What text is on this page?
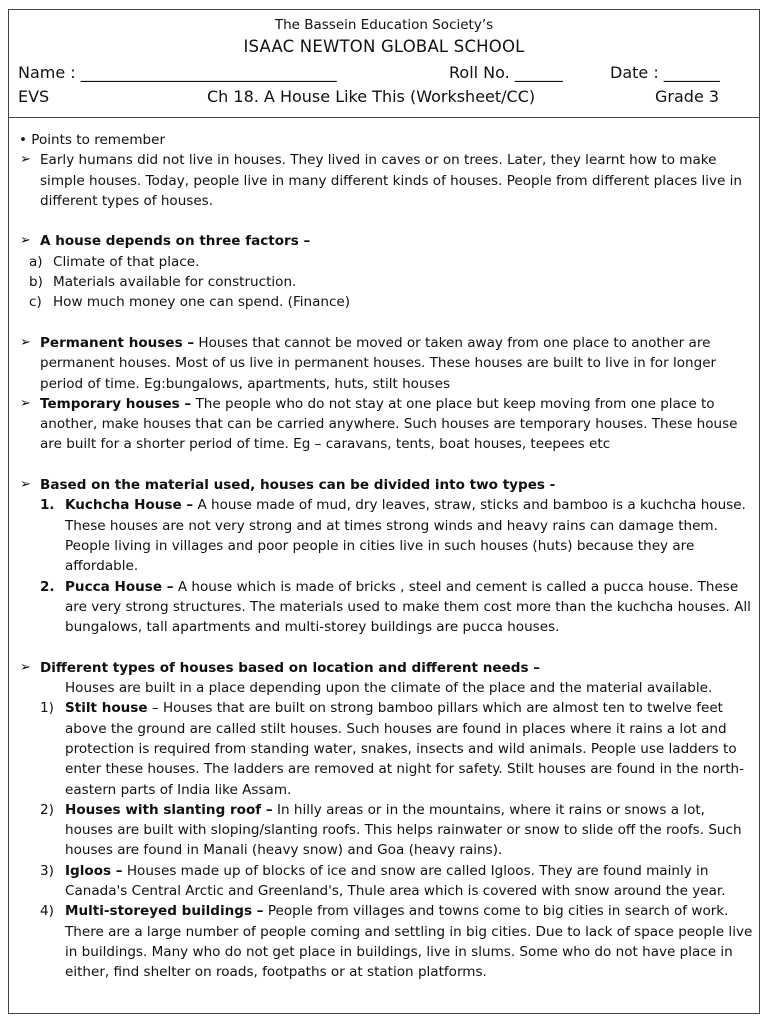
The Bassein Education Society’s
ISAAC NEWTON GLOBAL SCHOOL
Name : ________________________________	Roll No. ______	Date : _______
EVS	Ch 18. A House Like This (Worksheet/CC)	Grade 3
• Points to remember
➢ Early humans did not live in houses. They lived in caves or on trees. Later, they learnt how to make simple houses. Today, people live in many different kinds of houses. People from different places live in different types of houses.
➢ A house depends on three factors –
a) Climate of that place.
b) Materials available for construction.
c) How much money one can spend. (Finance)
➢ Permanent houses – Houses that cannot be moved or taken away from one place to another are permanent houses. Most of us live in permanent houses. These houses are built to live in for longer period of time. Eg:bungalows, apartments, huts, stilt houses
➢ Temporary houses – The people who do not stay at one place but keep moving from one place to another, make houses that can be carried anywhere. Such houses are temporary houses. These house are built for a shorter period of time. Eg – caravans, tents, boat houses, teepees etc
➢ Based on the material used, houses can be divided into two types -
1. Kuchcha House – A house made of mud, dry leaves, straw, sticks and bamboo is a kuchcha house. These houses are not very strong and at times strong winds and heavy rains can damage them. People living in villages and poor people in cities live in such houses (huts) because they are affordable.
2. Pucca House – A house which is made of bricks , steel and cement is called a pucca house. These are very strong structures. The materials used to make them cost more than the kuchcha houses. All bungalows, tall apartments and multi-storey buildings are pucca houses.
➢ Different types of houses based on location and different needs –
Houses are built in a place depending upon the climate of the place and the material available.
1) Stilt house – Houses that are built on strong bamboo pillars which are almost ten to twelve feet above the ground are called stilt houses. Such houses are found in places where it rains a lot and protection is required from standing water, snakes, insects and wild animals. People use ladders to enter these houses. The ladders are removed at night for safety. Stilt houses are found in the north-eastern parts of India like Assam.
2) Houses with slanting roof – In hilly areas or in the mountains, where it rains or snows a lot, houses are built with sloping/slanting roofs. This helps rainwater or snow to slide off the roofs. Such houses are found in Manali (heavy snow) and Goa (heavy rains).
3) Igloos – Houses made up of blocks of ice and snow are called Igloos. They are found mainly in Canada's Central Arctic and Greenland's, Thule area which is covered with snow around the year.
4) Multi-storeyed buildings – People from villages and towns come to big cities in search of work. There are a large number of people coming and settling in big cities. Due to lack of space people live in buildings. Many who do not get place in buildings, live in slums. Some who do not have place in either, find shelter on roads, footpaths or at station platforms.
